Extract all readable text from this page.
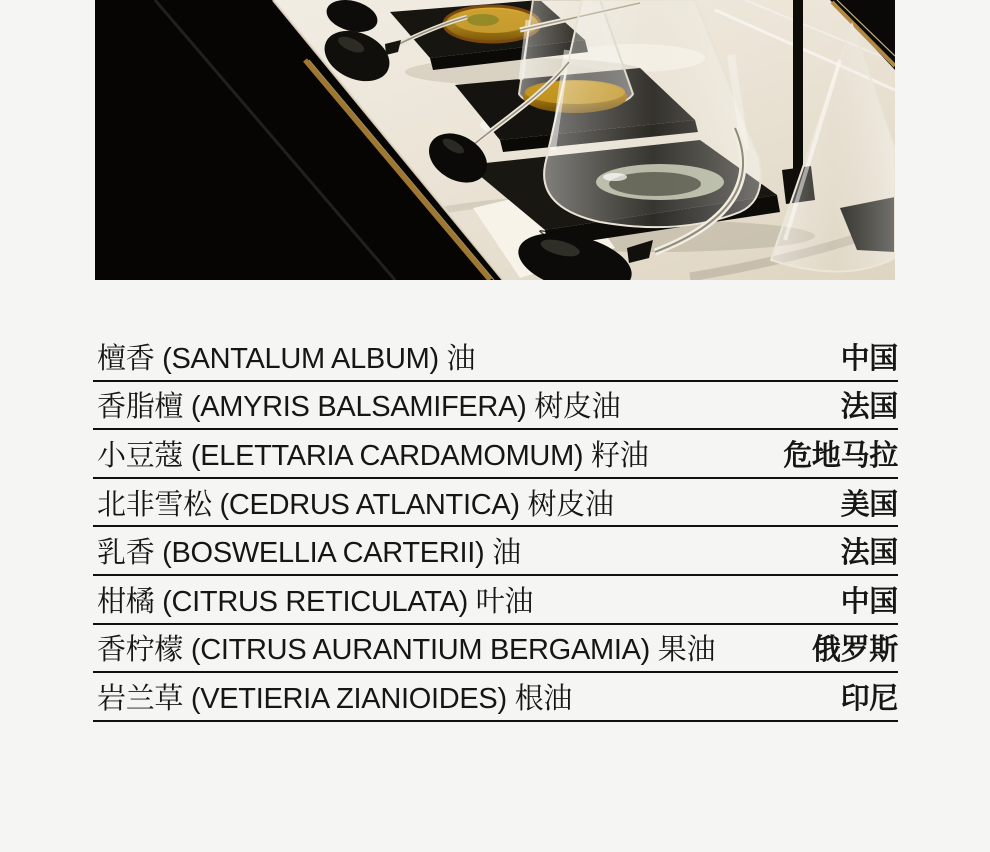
檀香 (SANTALUM ALBUM) 油	中国
香脂檀 (AMYRIS BALSAMIFERA) 树皮油	法国
小豆蔻 (ELETTARIA CARDAMOMUM) 籽油	危地马拉
北非雪松 (CEDRUS ATLANTICA) 树皮油	美国
乳香 (BOSWELLIA CARTERII) 油	法国
柑橘 (CITRUS RETICULATA) 叶油	中国
香柠檬 (CITRUS AURANTIUM BERGAMIA) 果油	俄罗斯
岩兰草 (VETIERIA ZIANIOIDES) 根油	印尼
